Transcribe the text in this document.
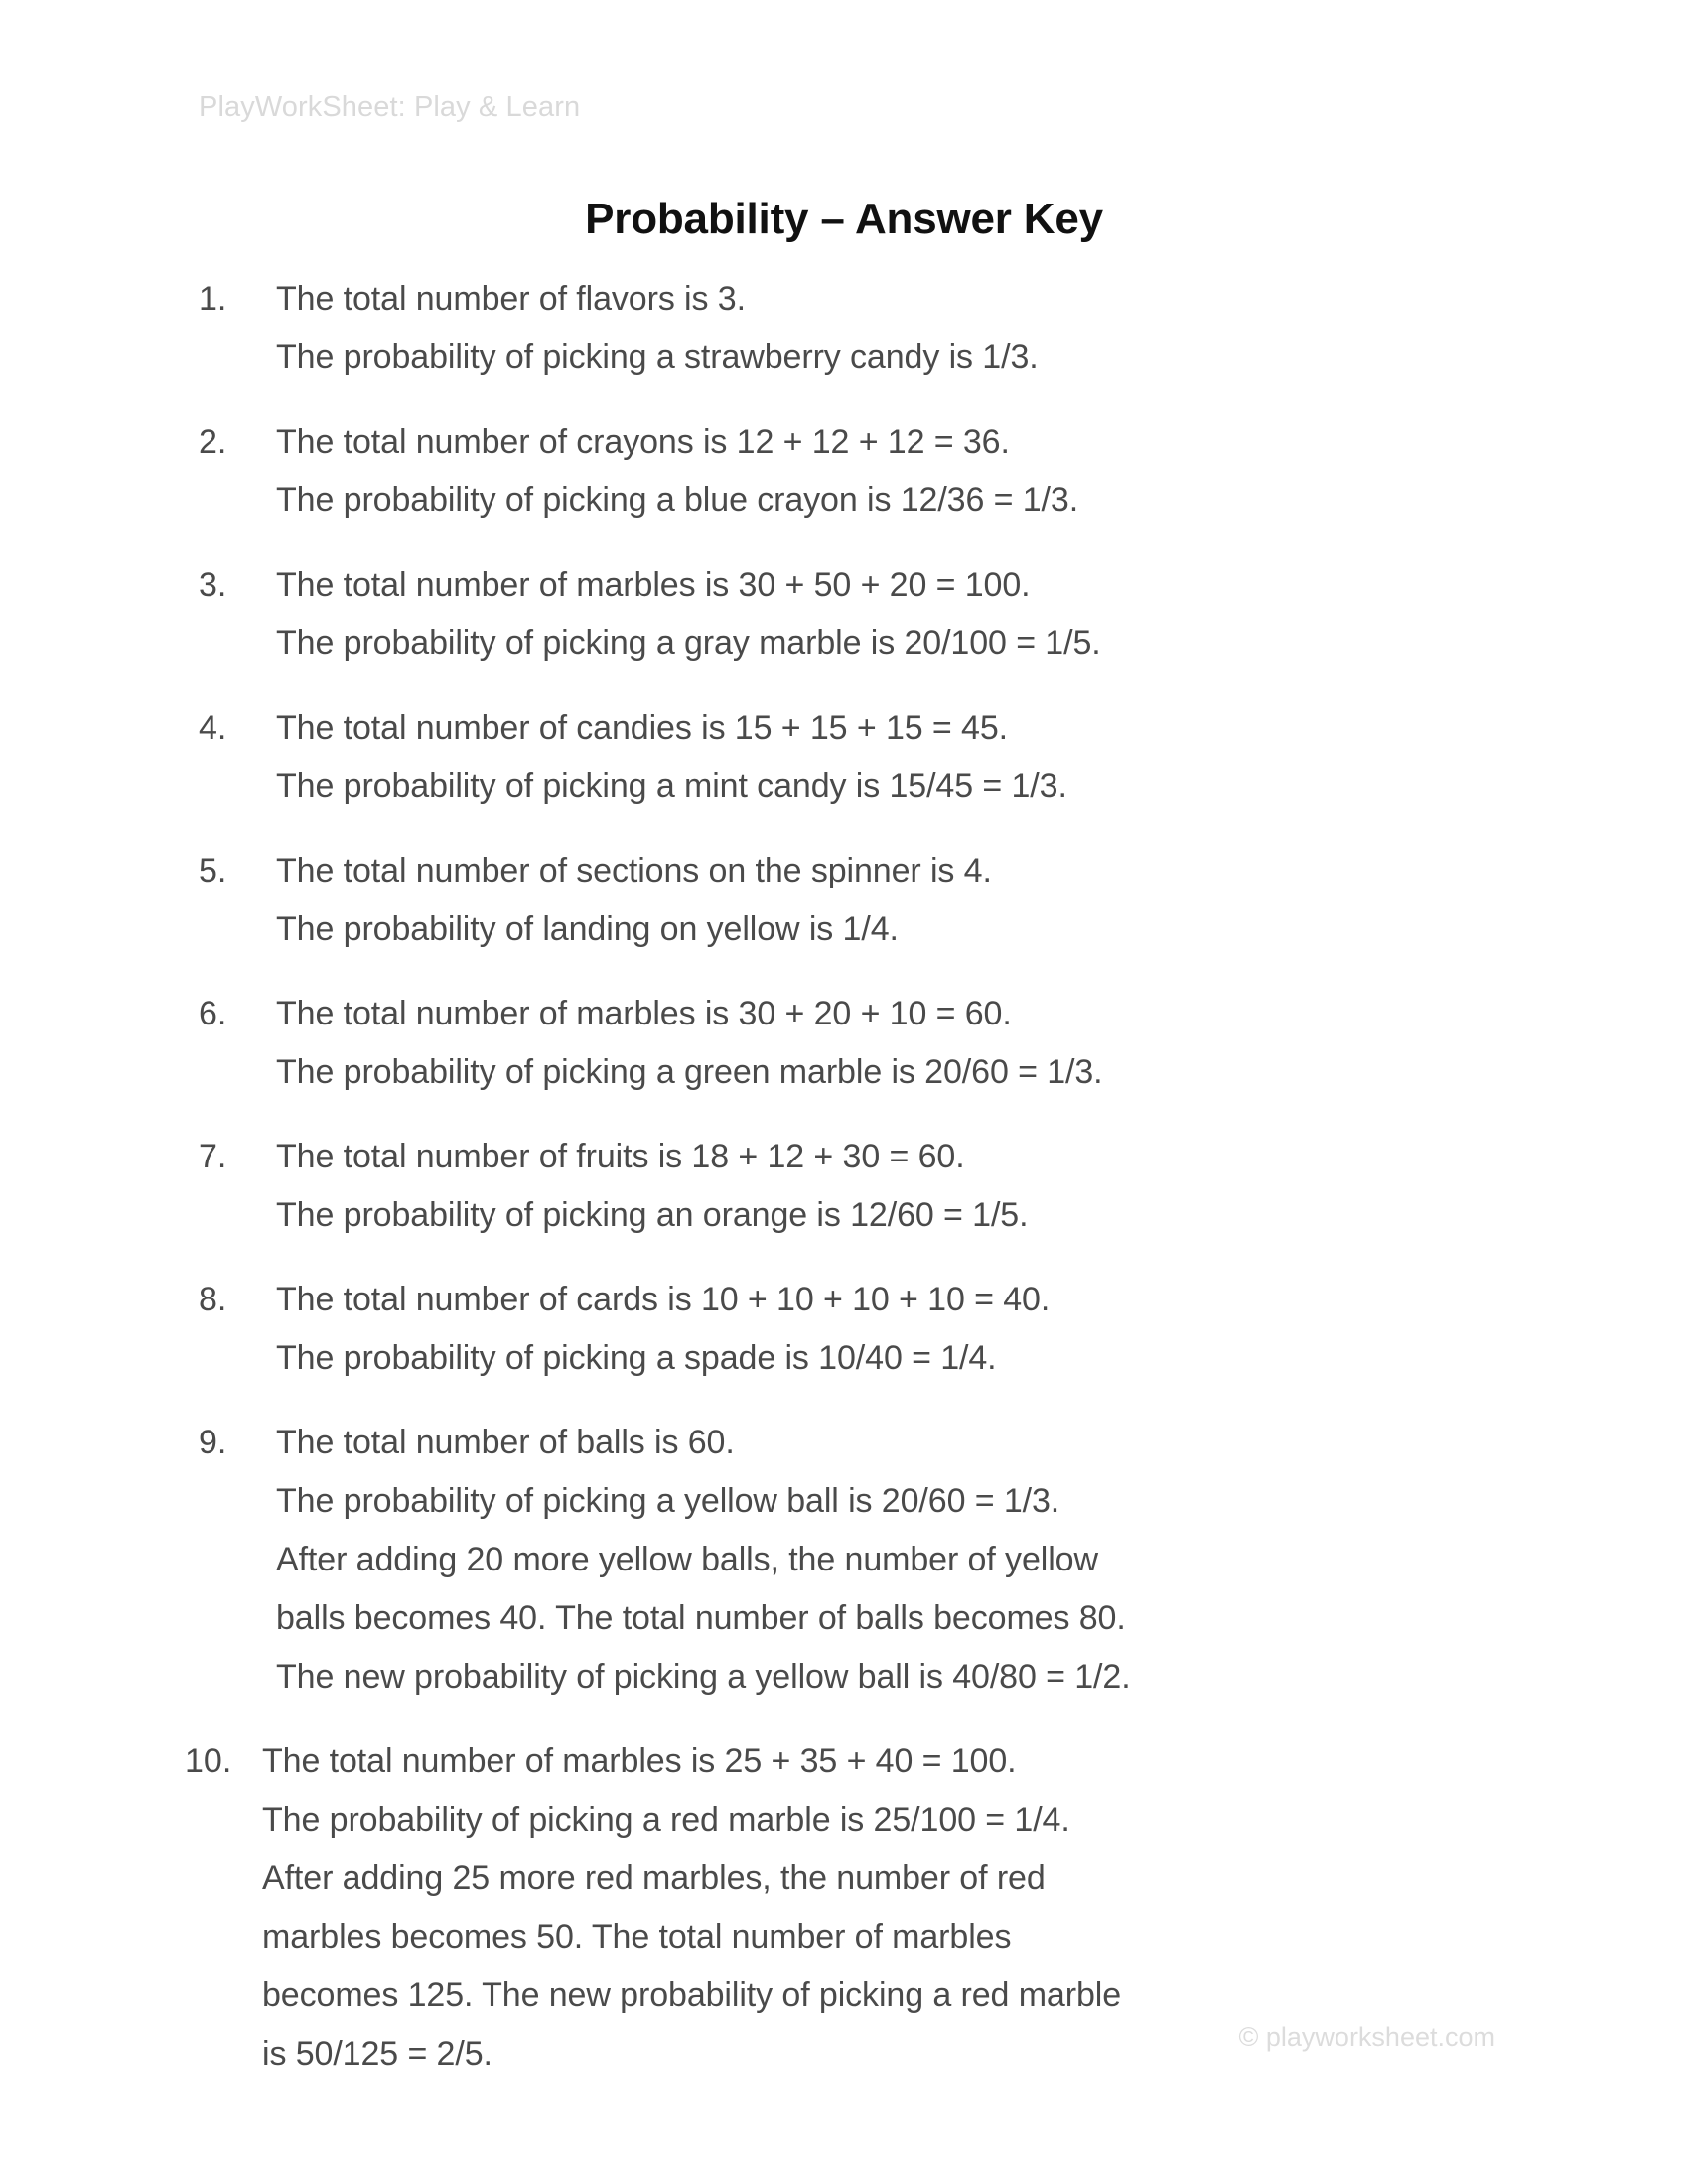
PlayWorkSheet: Play & Learn
Probability – Answer Key
1.	The total number of flavors is 3.
The probability of picking a strawberry candy is 1/3.
2.	The total number of crayons is 12 + 12 + 12 = 36.
The probability of picking a blue crayon is 12/36 = 1/3.
3.	The total number of marbles is 30 + 50 + 20 = 100.
The probability of picking a gray marble is 20/100 = 1/5.
4.	The total number of candies is 15 + 15 + 15 = 45.
The probability of picking a mint candy is 15/45 = 1/3.
5.	The total number of sections on the spinner is 4.
The probability of landing on yellow is 1/4.
6.	The total number of marbles is 30 + 20 + 10 = 60.
The probability of picking a green marble is 20/60 = 1/3.
7.	The total number of fruits is 18 + 12 + 30 = 60.
The probability of picking an orange is 12/60 = 1/5.
8.	The total number of cards is 10 + 10 + 10 + 10 = 40.
The probability of picking a spade is 10/40 = 1/4.
9.	The total number of balls is 60.
The probability of picking a yellow ball is 20/60 = 1/3.
After adding 20 more yellow balls, the number of yellow
balls becomes 40. The total number of balls becomes 80.
The new probability of picking a yellow ball is 40/80 = 1/2.
10. The total number of marbles is 25 + 35 + 40 = 100.
The probability of picking a red marble is 25/100 = 1/4.
After adding 25 more red marbles, the number of red
marbles becomes 50. The total number of marbles
becomes 125. The new probability of picking a red marble
is 50/125 = 2/5.	© playworksheet.com
